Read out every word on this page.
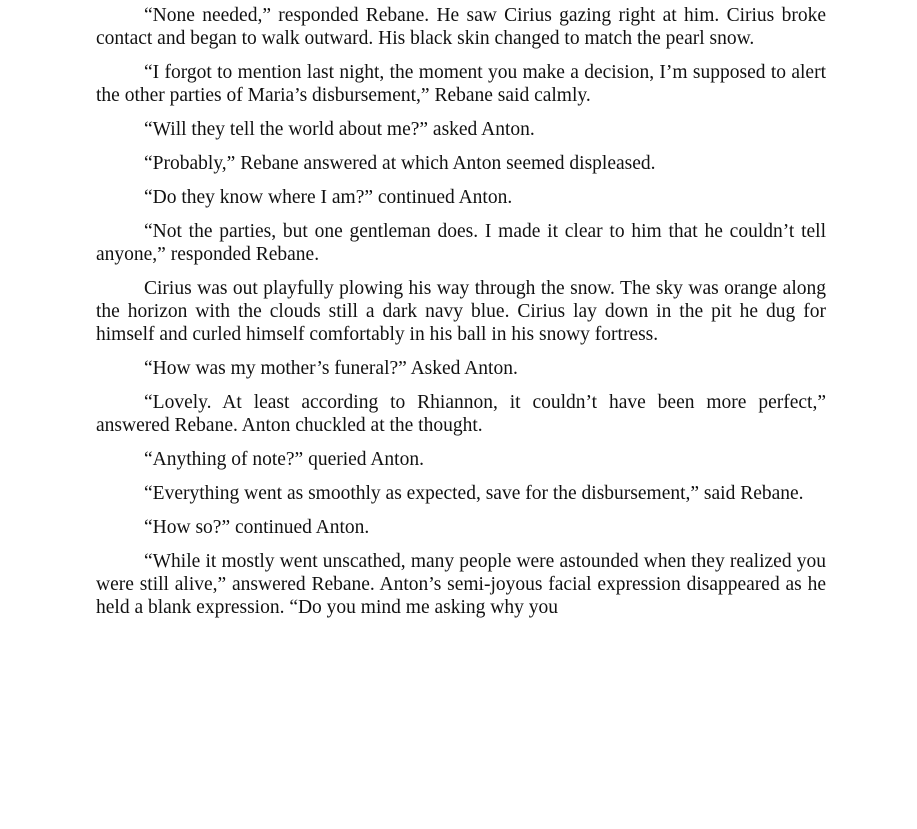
“None needed,” responded Rebane. He saw Cirius gazing right at him. Cirius broke contact and began to walk outward. His black skin changed to match the pearl snow.

“I forgot to mention last night, the moment you make a decision, I’m supposed to alert the other parties of Maria’s disbursement,” Rebane said calmly.

“Will they tell the world about me?” asked Anton.

“Probably,” Rebane answered at which Anton seemed displeased.

“Do they know where I am?” continued Anton.

“Not the parties, but one gentleman does. I made it clear to him that he couldn’t tell anyone,” responded Rebane.

Cirius was out playfully plowing his way through the snow. The sky was orange along the horizon with the clouds still a dark navy blue. Cirius lay down in the pit he dug for himself and curled himself comfortably in his ball in his snowy fortress.

“How was my mother’s funeral?” Asked Anton.

“Lovely. At least according to Rhiannon, it couldn’t have been more perfect,” answered Rebane. Anton chuckled at the thought.

“Anything of note?” queried Anton.

“Everything went as smoothly as expected, save for the disbursement,” said Rebane.

“How so?” continued Anton.

“While it mostly went unscathed, many people were astounded when they realized you were still alive,” answered Rebane. Anton’s semi-joyous facial expression disappeared as he held a blank expression. “Do you mind me asking why you
